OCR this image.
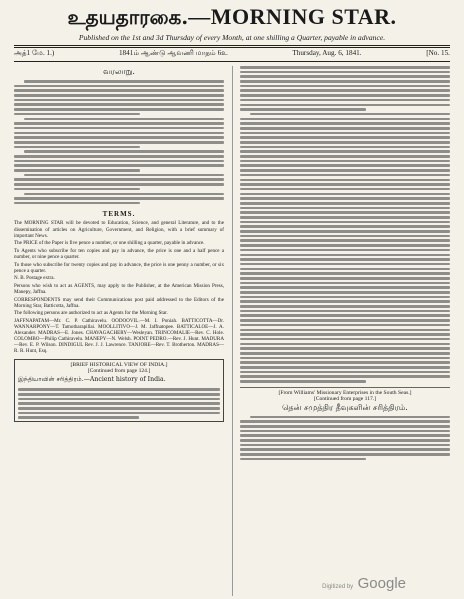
உதயதாரகை.—MORNING STAR.
Published on the 1st and 3d Thursday of every Month, at one shilling a Quarter, payable in advance.
அத்1 மே. 1.)	1841ம் ஆண்டு ஆவணி மாதம் 6உ	Thursday, Aug. 6, 1841.	[No. 15.
வரலாறு.
TERMS.

The MORNING STAR will be devoted to Education, Science, and general Literature, and to the dissemination of articles on Agriculture, Government, and Religion, with a brief summary of important News.

The PRICE of the Paper is five pence a number, or one shilling a quarter, payable in advance.

To Agents who subscribe for ten copies and pay in advance, the price is one and a half pence a number, or nine pence a quarter.

To those who subscribe for twenty copies and pay in advance, the price is one penny a number, or six pence a quarter.

N. B. Postage extra.

Persons who wish to act as AGENTS, may apply to the Publisher, at the American Mission Press, Manepy, Jaffna.

CORRESPONDENTS may send their Communications post paid addressed to the Editors of the Morning Star, Batticotta, Jaffna.

The following persons are authorized to act as Agents for the Morning Star.

JAFFNAPATAM—Mr. C. P. Cathiravelu. OODOOVIL.—M. I. Poniah. BATTICOTTA—Dr. WANNARPONY—T. Tamotharapillai. MOOLLITIVO—J. M. Jaffnatopee. BATTICALOE—J. A. Alexander. MADRAS—E. Jones. CHAVAGACHERY—Wesleyan. TRINCOMALIE—Rev. C. Hole. COLOMBO—Philip Cathiravelu. MANEPY—N. Welsh. POINT PEDRO.—Rev. J. Hunt. MADURA—Rev. E. P. Wilson. DINDIGUL Rev. J. J. Lawrence. TANJORE—Rev. T. Brotherton. MADRAS—R. R. Hunt, Esq.

[BRIEF HISTORICAL VIEW OF INDIA.]
[Continued from page 124.]
இந்தியாவின் சரித்திரம்.—Ancient history of India.
[From Williams' Missionary Enterprises in the South Seas.]
[Continued from page 117.]
தென் சமுத்திர தீவுகளின் சரித்திரம்.
Digitized by Google
